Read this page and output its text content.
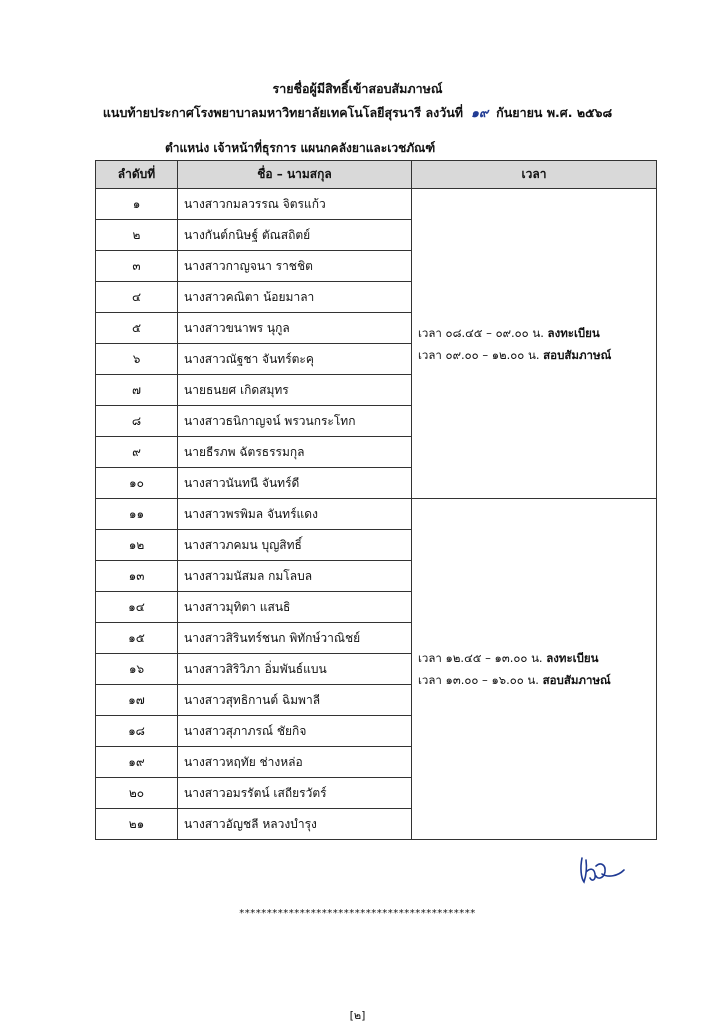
รายชื่อผู้มีสิทธิ์เข้าสอบสัมภาษณ์
แนบท้ายประกาศโรงพยาบาลมหาวิทยาลัยเทคโนโลยีสุรนารี ลงวันที่ ๑๙ กันยายน พ.ศ. ๒๕๖๘
ตำแหน่ง เจ้าหน้าที่ธุรการ แผนกคลังยาและเวชภัณฑ์
ลำดับที่	ชื่อ – นามสกุล	เวลา
๑	นางสาวกมลวรรณ จิตรแก้ว	เวลา ๐๘.๔๕ – ๐๙.๐๐ น. ลงทะเบียน
เวลา ๐๙.๐๐ – ๑๒.๐๐ น. สอบสัมภาษณ์

๒	นางกันต์กนิษฐ์ ตัณสถิตย์	
๓	นางสาวกาญจนา ราชชิต	
๔	นางสาวคณิตา น้อยมาลา	
๕	นางสาวขนาพร นุกูล	
๖	นางสาวณัฐชา จันทร์ตะคุ	
๗	นายธนยศ เกิดสมุทร	
๘	นางสาวธนิกาญจน์ พรวนกระโทก	
๙	นายธีรภพ ฉัตรธรรมกุล	
๑๐	นางสาวนันทนี จันทร์ดี	
๑๑	นางสาวพรพิมล จันทร์แดง	เวลา ๑๒.๔๕ – ๑๓.๐๐ น. ลงทะเบียน
เวลา ๑๓.๐๐ – ๑๖.๐๐ น. สอบสัมภาษณ์

๑๒	นางสาวภคมน บุญสิทธิ์	
๑๓	นางสาวมนัสมล กมโลบล	
๑๔	นางสาวมุทิตา แสนธิ	
๑๕	นางสาวสิรินทร์ชนก พิทักษ์วาณิชย์	
๑๖	นางสาวสิริวิภา อิ่มพันธ์แบน	
๑๗	นางสาวสุทธิกานต์ ฉิมพาลี	
๑๘	นางสาวสุภาภรณ์ ชัยกิจ	
๑๙	นางสาวหฤทัย ช่างหล่อ	
๒๐	นางสาวอมรรัตน์ เสถียรวัตร์	
๒๑	นางสาวอัญชลี หลวงบำรุง	
*******************************************
[๒]
